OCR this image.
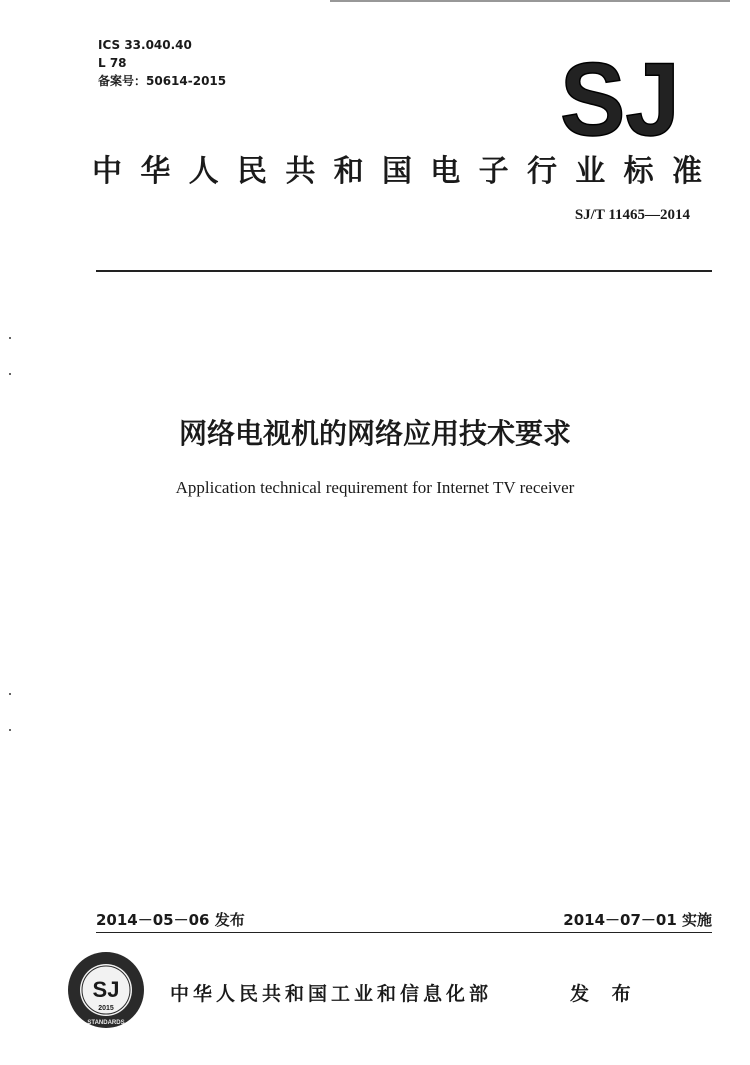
ICS 33.040.40
L 78
备案号：50614-2015	SJ
中 华 人 民 共 和 国 电 子 行 业 标 准
SJ/T 11465—2014
网络电视机的网络应用技术要求
Application technical requirement for Internet TV receiver
2014－05－06 发布	2014－07－01 实施
SJ
2015
STANDARDS
中华人民共和国工业和信息化部	发 布
